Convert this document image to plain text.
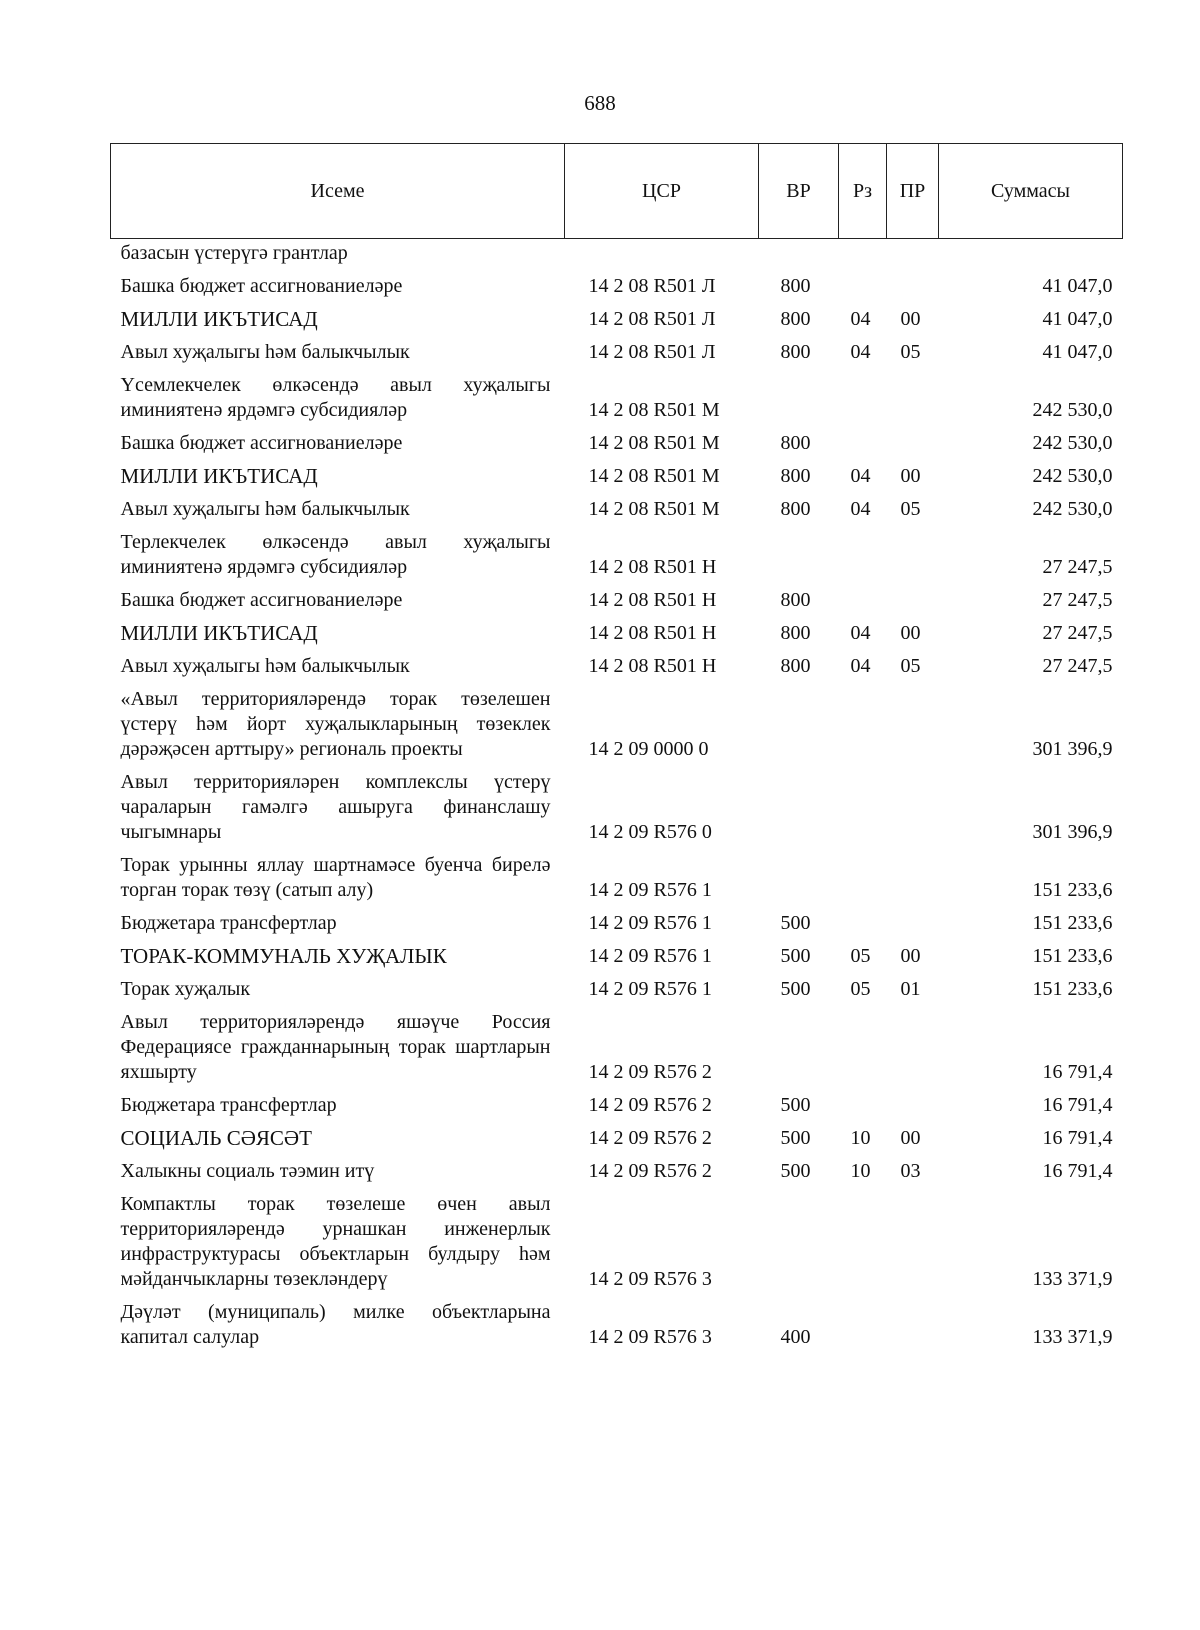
688
Исеме	ЦСР	ВР	Рз	ПР	Суммасы
базасын үстерүгә грантлар					
Башка бюджет ассигнованиеләре	14 2 08 R501 Л	800			41 047,0
МИЛЛИ ИКЪТИСАД	14 2 08 R501 Л	800	04	00	41 047,0
Авыл хуҗалыгы һәм балыкчылык	14 2 08 R501 Л	800	04	05	41 047,0
Үсемлекчелек өлкәсендә авыл хуҗалыгы иминиятенә ярдәмгә субсидияләр	14 2 08 R501 М				242 530,0
Башка бюджет ассигнованиеләре	14 2 08 R501 М	800			242 530,0
МИЛЛИ ИКЪТИСАД	14 2 08 R501 М	800	04	00	242 530,0
Авыл хуҗалыгы һәм балыкчылык	14 2 08 R501 М	800	04	05	242 530,0
Терлекчелек өлкәсендә авыл хуҗалыгы иминиятенә ярдәмгә субсидияләр	14 2 08 R501 Н				27 247,5
Башка бюджет ассигнованиеләре	14 2 08 R501 Н	800			27 247,5
МИЛЛИ ИКЪТИСАД	14 2 08 R501 Н	800	04	00	27 247,5
Авыл хуҗалыгы һәм балыкчылык	14 2 08 R501 Н	800	04	05	27 247,5
«Авыл территорияләрендә торак төзелешен үстерү һәм йорт хуҗалыкларының төзеклек дәрәҗәсен арттыру» региональ проекты	14 2 09 0000 0				301 396,9
Авыл территорияләрен комплекслы үстерү чараларын гамәлгә ашыруга финанслашу чыгымнары	14 2 09 R576 0				301 396,9
Торак урынны яллау шартнамәсе буенча бирелә торган торак төзү (сатып алу)	14 2 09 R576 1				151 233,6
Бюджетара трансфертлар	14 2 09 R576 1	500			151 233,6
ТОРАК-КОММУНАЛЬ ХУҖАЛЫК	14 2 09 R576 1	500	05	00	151 233,6
Торак хуҗалык	14 2 09 R576 1	500	05	01	151 233,6
Авыл территорияләрендә яшәүче Россия Федерациясе гражданнарының торак шартларын яхшырту	14 2 09 R576 2				16 791,4
Бюджетара трансфертлар	14 2 09 R576 2	500			16 791,4
СОЦИАЛЬ СӘЯСӘТ	14 2 09 R576 2	500	10	00	16 791,4
Халыкны социаль тәэмин итү	14 2 09 R576 2	500	10	03	16 791,4
Компактлы торак төзелеше өчен авыл территорияләрендә урнашкан инженерлык инфраструктурасы объектларын булдыру һәм мәйданчыкларны төзекләндерү	14 2 09 R576 3				133 371,9
Дәүләт (муниципаль) милке объектларына капитал салулар	14 2 09 R576 3	400			133 371,9
